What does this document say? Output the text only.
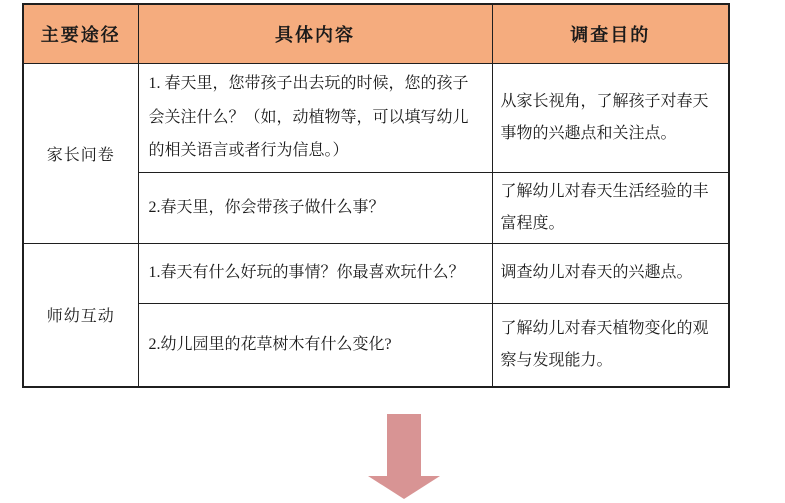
主要途径	具体内容	调查目的
家长问卷	1. 春天里，您带孩子出去玩的时候，您的孩子会关注什么？（如，动植物等，可以填写幼儿的相关语言或者行为信息。）	从家长视角，了解孩子对春天事物的兴趣点和关注点。
	2.春天里，你会带孩子做什么事？	了解幼儿对春天生活经验的丰富程度。
师幼互动	1.春天有什么好玩的事情？你最喜欢玩什么？	调查幼儿对春天的兴趣点。
	2.幼儿园里的花草树木有什么变化?	了解幼儿对春天植物变化的观察与发现能力。
